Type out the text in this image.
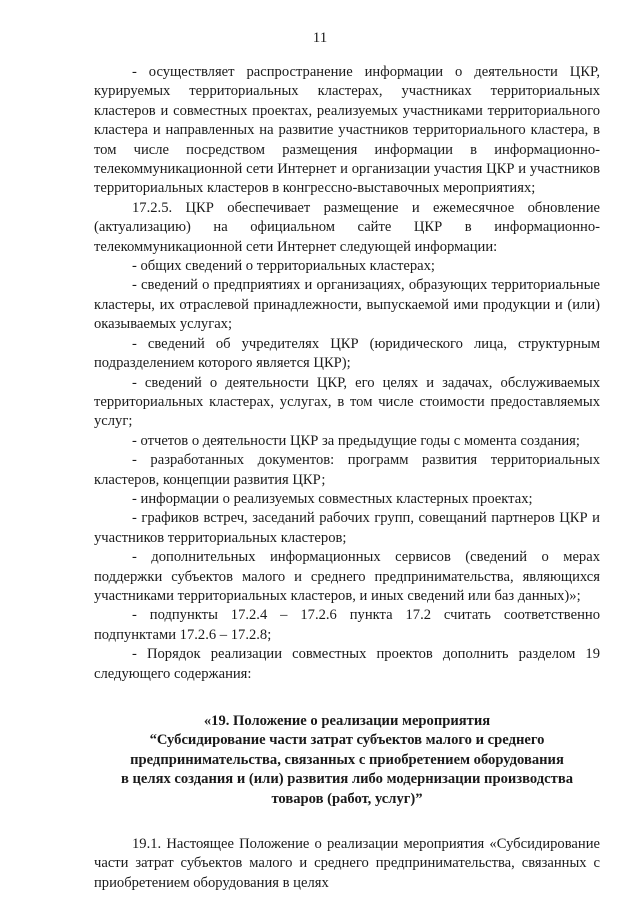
11

- осуществляет распространение информации о деятельности ЦКР, курируемых территориальных кластерах, участниках территориальных кластеров и совместных проектах, реализуемых участниками территориального кластера и направленных на развитие участников территориального кластера, в том числе посредством размещения информации в информационно-телекоммуникационной сети Интернет и организации участия ЦКР и участников территориальных кластеров в конгрессно-выставочных мероприятиях;

17.2.5. ЦКР обеспечивает размещение и ежемесячное обновление (актуализацию) на официальном сайте ЦКР в информационно-телекоммуникационной сети Интернет следующей информации:

- общих сведений о территориальных кластерах;

- сведений о предприятиях и организациях, образующих территориальные кластеры, их отраслевой принадлежности, выпускаемой ими продукции и (или) оказываемых услугах;

- сведений об учредителях ЦКР (юридического лица, структурным подразделением которого является ЦКР);

- сведений о деятельности ЦКР, его целях и задачах, обслуживаемых территориальных кластерах, услугах, в том числе стоимости предоставляемых услуг;

- отчетов о деятельности ЦКР за предыдущие годы с момента создания;

- разработанных документов: программ развития территориальных кластеров, концепции развития ЦКР;

- информации о реализуемых совместных кластерных проектах;

- графиков встреч, заседаний рабочих групп, совещаний партнеров ЦКР и участников территориальных кластеров;

- дополнительных информационных сервисов (сведений о мерах поддержки субъектов малого и среднего предпринимательства, являющихся участниками территориальных кластеров, и иных сведений или баз данных)»;

- подпункты 17.2.4 – 17.2.6 пункта 17.2 считать соответственно подпунктами 17.2.6 – 17.2.8;

- Порядок реализации совместных проектов дополнить разделом 19 следующего содержания:

«19. Положение о реализации мероприятия
“Субсидирование части затрат субъектов малого и среднего
предпринимательства, связанных с приобретением оборудования
в целях создания и (или) развития либо модернизации производства
товаров (работ, услуг)”

19.1. Настоящее Положение о реализации мероприятия «Субсидирование части затрат субъектов малого и среднего предпринимательства, связанных с приобретением оборудования в целях
